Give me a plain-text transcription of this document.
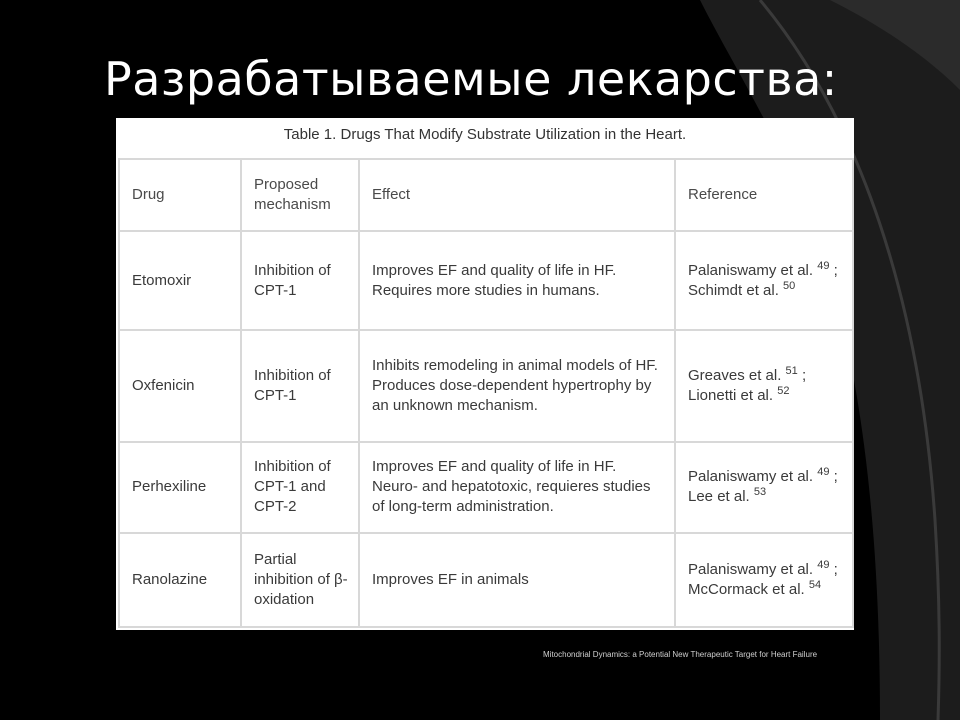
Разрабатываемые лекарства:
Table 1. Drugs That Modify Substrate Utilization in the Heart.
Drug	Proposed mechanism	Effect	Reference
Etomoxir	Inhibition of CPT-1	Improves EF and quality of life in HF. Requires more studies in humans.	Palaniswamy et al. $^{49}$ ; Schimdt et al. $^{50}$
Oxfenicin	Inhibition of CPT-1	Inhibits remodeling in animal models of HF. Produces dose-dependent hypertrophy by an unknown mechanism.	Greaves et al. $^{51}$ ; Lionetti et al. $^{52}$
Perhexiline	Inhibition of CPT-1 and CPT-2	Improves EF and quality of life in HF. Neuro- and hepatotoxic, requieres studies of long-term administration.	Palaniswamy et al. $^{49}$ ; Lee et al. $^{53}$
Ranolazine	Partial inhibition of β-oxidation	Improves EF in animals	Palaniswamy et al. $^{49}$ ; McCormack et al. $^{54}$
Mitochondrial Dynamics: a Potential New Therapeutic Target for Heart Failure
